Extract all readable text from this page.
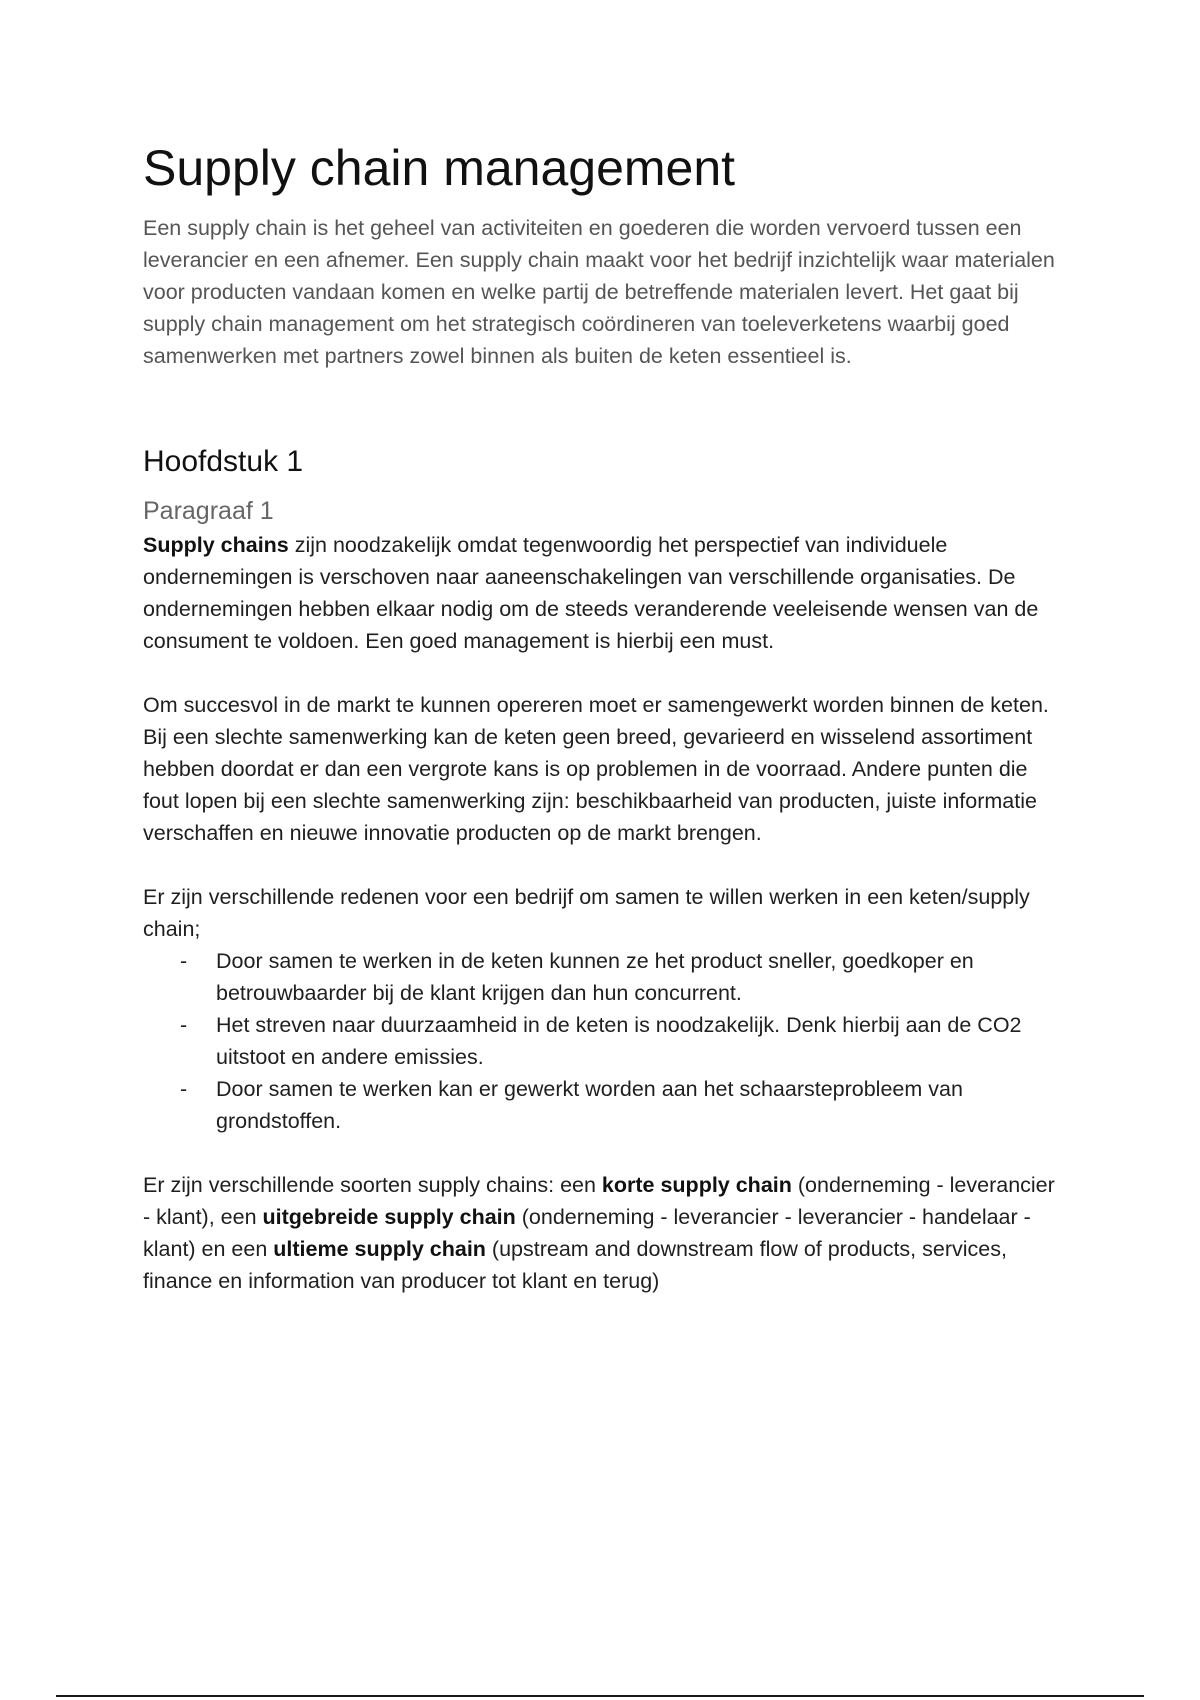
Supply chain management

Een supply chain is het geheel van activiteiten en goederen die worden vervoerd tussen een leverancier en een afnemer. Een supply chain maakt voor het bedrijf inzichtelijk waar materialen voor producten vandaan komen en welke partij de betreffende materialen levert. Het gaat bij supply chain management om het strategisch coördineren van toeleverketens waarbij goed samenwerken met partners zowel binnen als buiten de keten essentieel is.

Hoofdstuk 1
Paragraaf 1

Supply chains zijn noodzakelijk omdat tegenwoordig het perspectief van individuele ondernemingen is verschoven naar aaneenschakelingen van verschillende organisaties. De ondernemingen hebben elkaar nodig om de steeds veranderende veeleisende wensen van de consument te voldoen. Een goed management is hierbij een must.

Om succesvol in de markt te kunnen opereren moet er samengewerkt worden binnen de keten. Bij een slechte samenwerking kan de keten geen breed, gevarieerd en wisselend assortiment hebben doordat er dan een vergrote kans is op problemen in de voorraad. Andere punten die fout lopen bij een slechte samenwerking zijn: beschikbaarheid van producten, juiste informatie verschaffen en nieuwe innovatie producten op de markt brengen.

Er zijn verschillende redenen voor een bedrijf om samen te willen werken in een keten/supply chain;

- Door samen te werken in de keten kunnen ze het product sneller, goedkoper en betrouwbaarder bij de klant krijgen dan hun concurrent.
- Het streven naar duurzaamheid in de keten is noodzakelijk. Denk hierbij aan de CO2 uitstoot en andere emissies.
- Door samen te werken kan er gewerkt worden aan het schaarsteprobleem van grondstoffen.

Er zijn verschillende soorten supply chains: een korte supply chain (onderneming - leverancier - klant), een uitgebreide supply chain (onderneming - leverancier - leverancier - handelaar - klant) en een ultieme supply chain (upstream and downstream flow of products, services, finance en information van producer tot klant en terug)
